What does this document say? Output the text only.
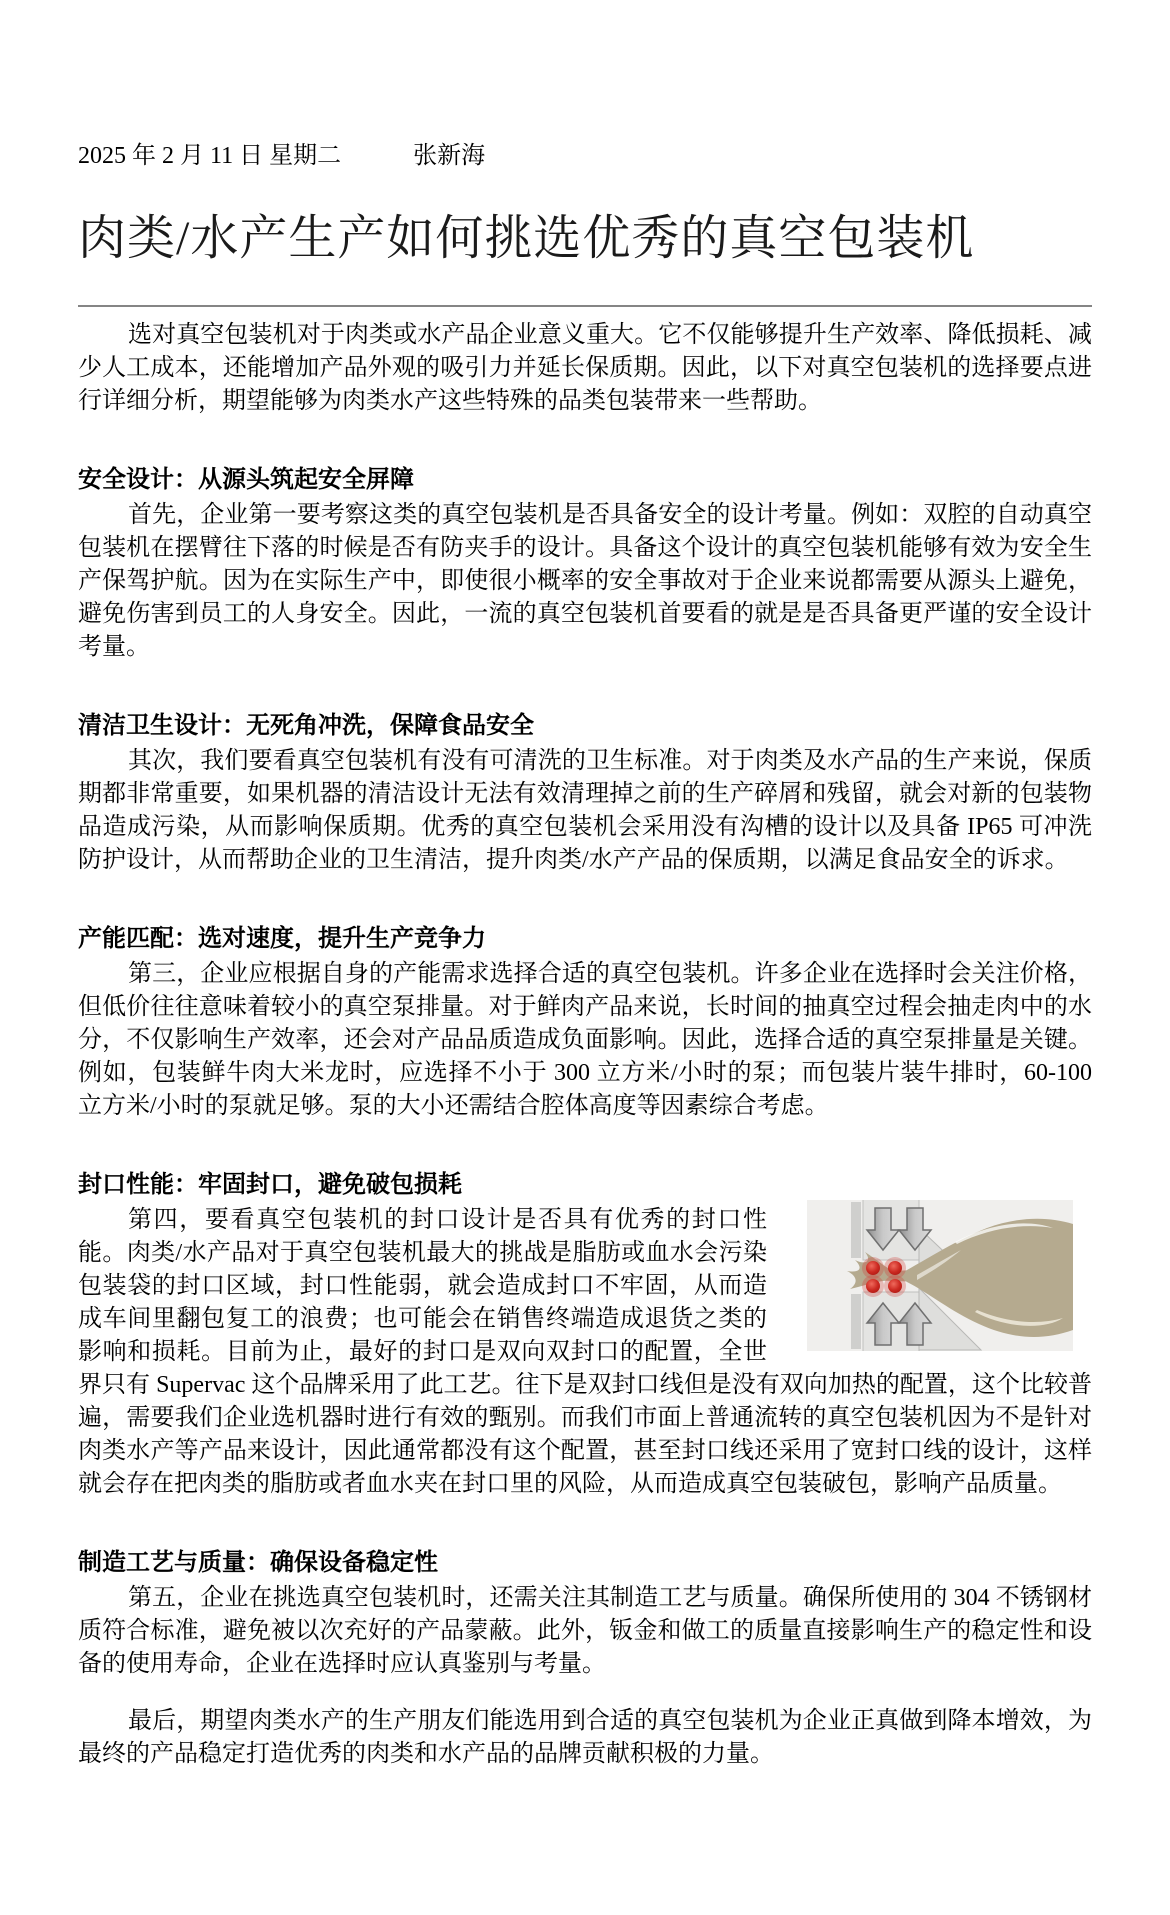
2025 年 2 月 11 日 星期二	张新海
肉类/水产生产如何挑选优秀的真空包装机

选对真空包装机对于肉类或水产品企业意义重大。它不仅能够提升生产效率、降低损耗、减少人工成本，还能增加产品外观的吸引力并延长保质期。因此，以下对真空包装机的选择要点进行详细分析，期望能够为肉类水产这些特殊的品类包装带来一些帮助。

安全设计：从源头筑起安全屏障

首先，企业第一要考察这类的真空包装机是否具备安全的设计考量。例如：双腔的自动真空包装机在摆臂往下落的时候是否有防夹手的设计。具备这个设计的真空包装机能够有效为安全生产保驾护航。因为在实际生产中，即使很小概率的安全事故对于企业来说都需要从源头上避免，避免伤害到员工的人身安全。因此，一流的真空包装机首要看的就是是否具备更严谨的安全设计考量。

清洁卫生设计：无死角冲洗，保障食品安全

其次，我们要看真空包装机有没有可清洗的卫生标准。对于肉类及水产品的生产来说，保质期都非常重要，如果机器的清洁设计无法有效清理掉之前的生产碎屑和残留，就会对新的包装物品造成污染，从而影响保质期。优秀的真空包装机会采用没有沟槽的设计以及具备 IP65 可冲洗防护设计，从而帮助企业的卫生清洁，提升肉类/水产产品的保质期，以满足食品安全的诉求。

产能匹配：选对速度，提升生产竞争力

第三，企业应根据自身的产能需求选择合适的真空包装机。许多企业在选择时会关注价格，但低价往往意味着较小的真空泵排量。对于鲜肉产品来说，长时间的抽真空过程会抽走肉中的水分，不仅影响生产效率，还会对产品品质造成负面影响。因此，选择合适的真空泵排量是关键。例如，包装鲜牛肉大米龙时，应选择不小于 300 立方米/小时的泵；而包装片装牛排时，60-100 立方米/小时的泵就足够。泵的大小还需结合腔体高度等因素综合考虑。

封口性能：牢固封口，避免破包损耗

第四，要看真空包装机的封口设计是否具有优秀的封口性能。肉类/水产品对于真空包装机最大的挑战是脂肪或血水会污染包装袋的封口区域，封口性能弱，就会造成封口不牢固，从而造成车间里翻包复工的浪费；也可能会在销售终端造成退货之类的影响和损耗。目前为止，最好的封口是双向双封口的配置，全世界只有 Supervac 这个品牌采用了此工艺。往下是双封口线但是没有双向加热的配置，这个比较普遍，需要我们企业选机器时进行有效的甄别。而我们市面上普通流转的真空包装机因为不是针对肉类水产等产品来设计，因此通常都没有这个配置，甚至封口线还采用了宽封口线的设计，这样就会存在把肉类的脂肪或者血水夹在封口里的风险，从而造成真空包装破包，影响产品质量。

制造工艺与质量：确保设备稳定性

第五，企业在挑选真空包装机时，还需关注其制造工艺与质量。确保所使用的 304 不锈钢材质符合标准，避免被以次充好的产品蒙蔽。此外，钣金和做工的质量直接影响生产的稳定性和设备的使用寿命，企业在选择时应认真鉴别与考量。

最后，期望肉类水产的生产朋友们能选用到合适的真空包装机为企业正真做到降本增效，为最终的产品稳定打造优秀的肉类和水产品的品牌贡献积极的力量。
